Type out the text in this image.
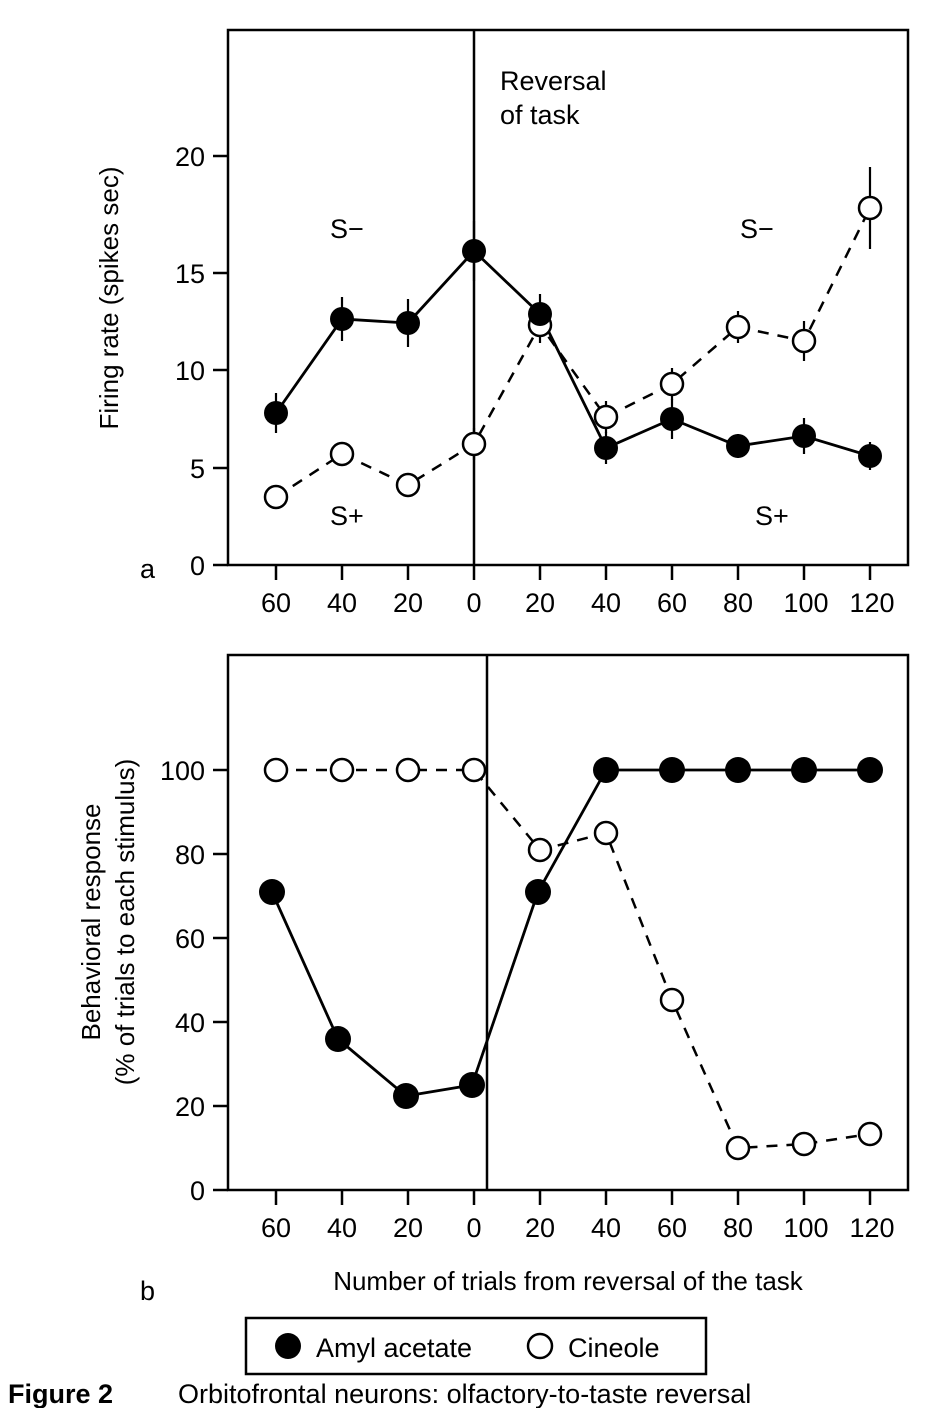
0
5
10
15
20
Firing rate (spikes sec)
60 40 20 0 20 40 60 80 100 120
Reversal
of task
S−
S+
S−
S+
a
0
20
40
60
80
100
Behavioral response (% of trials to each stimulus)
60 40 20 0 20 40 60 80 100 120
Number of trials from reversal of the task
b
Amyl acetate	Cineole
Figure 2 Orbitofrontal neurons: olfactory-to-taste reversal
